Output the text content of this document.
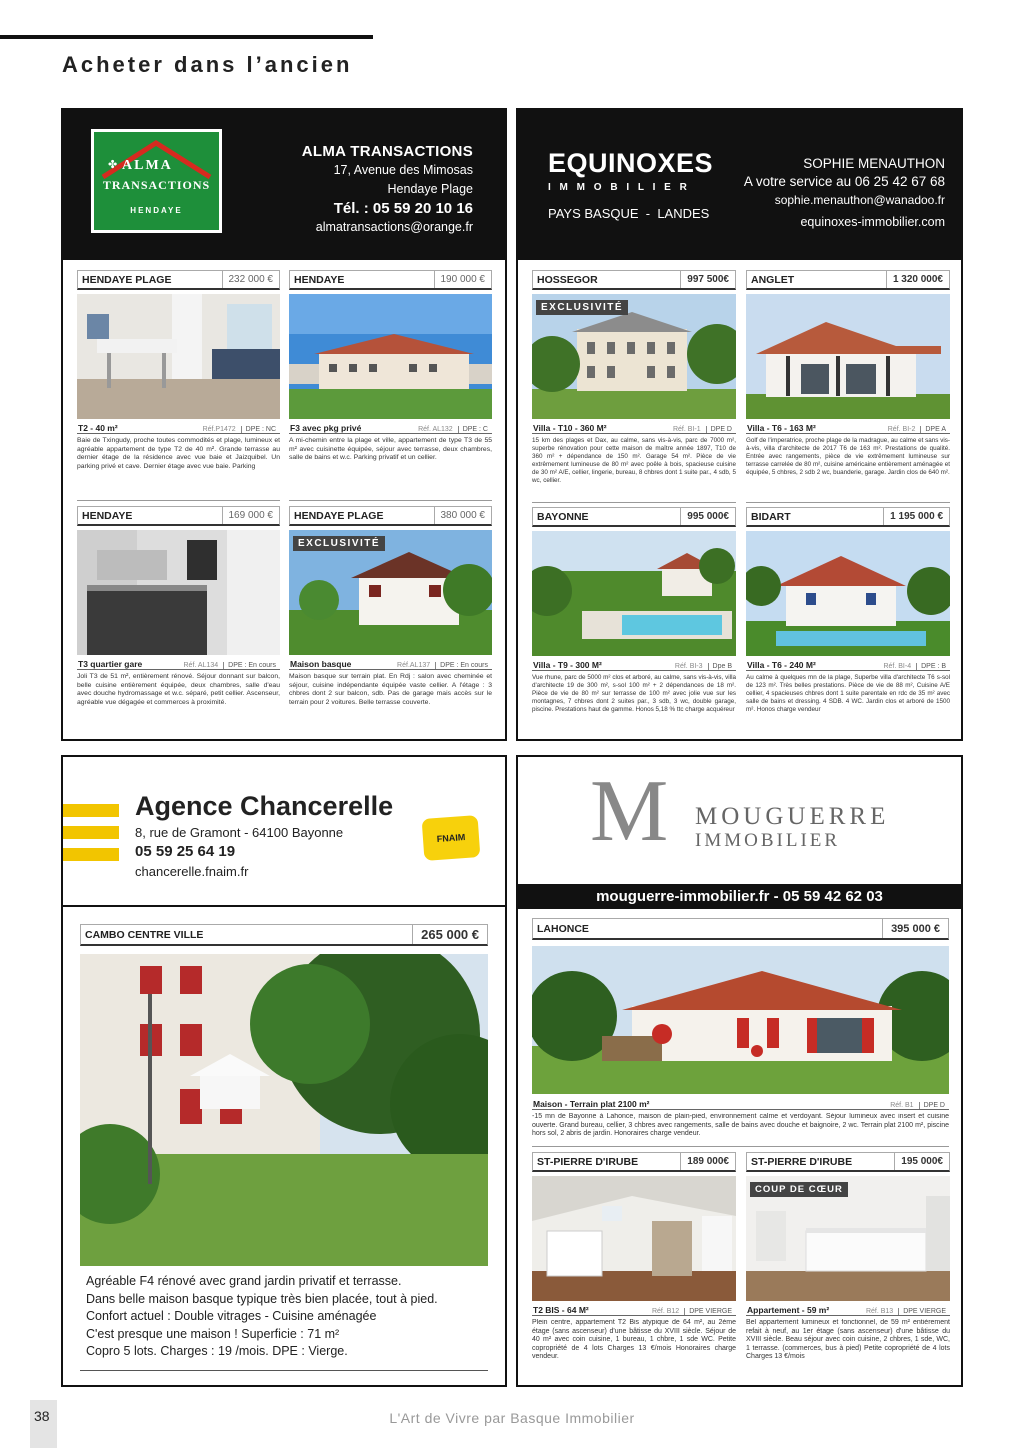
Acheter dans l’ancien
✤ ALMA
TRANSACTIONS
HENDAYE
ALMA TRANSACTIONS
17, Avenue des Mimosas
Hendaye Plage
Tél. : 05 59 20 10 16
almatransactions@orange.fr
HENDAYE PLAGE	232 000 €
T2 - 40 m²	Réf.P1472	DPE : NC
Baie de Txingudy, proche toutes commodités et plage, lumineux et agréable appartement de type T2 de 40 m². Grande terrasse au dernier étage de la résidence avec vue baie et Jaizquibel. Un parking privé et cave. Dernier étage avec vue baie. Parking
HENDAYE	190 000 €
F3 avec pkg privé	Réf. AL132	DPE : C
A mi-chemin entre la plage et ville, appartement de type T3 de 55 m² avec cuisinette équipée, séjour avec terrasse, deux chambres, salle de bains et w.c. Parking privatif et un cellier.
HENDAYE	169 000 €
T3 quartier gare	Réf. AL134	DPE : En cours
Joli T3 de 51 m², entièrement rénové. Séjour donnant sur balcon, belle cuisine entièrement équipée, deux chambres, salle d'eau avec douche hydromassage et w.c. séparé, petit cellier. Ascenseur, agréable vue dégagée et commerces à proximité.
HENDAYE PLAGE	380 000 €
EXCLUSIVITÉ
Maison basque	Réf.AL137	DPE : En cours
Maison basque sur terrain plat. En Rdj : salon avec cheminée et séjour, cuisine indépendante équipée vaste cellier. A l'étage : 3 chbres dont 2 sur balcon, sdb. Pas de garage mais accès sur le terrain pour 2 voitures. Belle terrasse couverte.
EQUINOXES
I M M O B I L I E R
PAYS BASQUE  -  LANDES
SOPHIE MENAUTHON
A votre service au 06 25 42 67 68
sophie.menauthon@wanadoo.fr
equinoxes-immobilier.com
HOSSEGOR	997 500€
EXCLUSIVITÉ
Villa - T10 - 360 M²	Réf. BI-1	DPE D
15 km des plages et Dax, au calme, sans vis-à-vis, parc de 7000 m², superbe rénovation pour cette maison de maître année 1897, T10 de 360 m² + dépendance de 150 m². Garage 54 m². Pièce de vie extrêmement lumineuse de 80 m² avec poêle à bois, spacieuse cuisine de 30 m² A/E, cellier, lingerie, bureau, 8 chbres dont 1 suite par., 4 sdb, 5 wc, cellier.
ANGLET	1 320 000€
Villa - T6 - 163 M²	Réf. BI-2	DPE A
Golf de l'imperatrice, proche plage de la madrague, au calme et sans vis-à-vis, villa d'architecte de 2017 T6 de 163 m². Prestations de qualité. Entrée avec rangements, pièce de vie extrêmement lumineuse sur terrasse carrelée de 80 m², cuisine américaine entièrement aménagée et équipée, 5 chbres, 2 sdb 2 wc, buanderie, garage. Jardin clos de 640 m².
BAYONNE	995 000€
Villa - T9 - 300 M²	Réf. BI-3	Dpe B
Vue rhune, parc de 5000 m² clos et arboré, au calme, sans vis-à-vis, villa d'architecte 19 de 300 m², s-sol 100 m² + 2 dépendances de 18 m². Pièce de vie de 80 m² sur terrasse de 100 m² avec jolie vue sur les montagnes, 7 chbres dont 2 suites par., 3 sdb, 3 wc, double garage, piscine. Prestations haut de gamme. Honos 5,18 % ttc charge acquéreur
BIDART	1 195 000 €
Villa - T6 - 240 M²	Réf. BI-4	DPE : B
Au calme à quelques mn de la plage, Superbe villa d'architecte T6 s-sol de 123 m². Très belles prestations. Pièce de vie de 88 m², Cuisine A/E cellier, 4 spacieuses chbres dont 1 suite parentale en rdc de 35 m² avec salle de bains et dressing. 4 SDB. 4 WC. Jardin clos et arboré de 1500 m². Honos charge vendeur
Agence Chancerelle
8, rue de Gramont - 64100 Bayonne
05 59 25 64 19
chancerelle.fnaim.fr
FNAIM
CAMBO CENTRE VILLE	265 000 €
Agréable F4 rénové avec grand jardin privatif et terrasse.
Dans belle maison basque typique très bien placée, tout à pied.
Confort actuel : Double vitrages - Cuisine aménagée
C'est presque une maison ! Superficie : 71 m²
Copro 5 lots. Charges : 19 /mois. DPE : Vierge.
M MOUGUERRE
IMMOBILIER
mouguerre-immobilier.fr - 05 59 42 62 03
LAHONCE	395 000 €
Maison - Terrain plat 2100 m²	Réf. B1	DPE D
-15 mn de Bayonne à Lahonce, maison de plain-pied, environnement calme et verdoyant. Séjour lumineux avec insert et cuisine ouverte. Grand bureau, cellier, 3 chbres avec rangements, salle de bains avec douche et baignoire, 2 wc. Terrain plat 2100 m², piscine hors sol, 2 abris de jardin. Honoraires charge vendeur.
ST-PIERRE D'IRUBE	189 000€
T2 BIS - 64 M²	Réf. B12	DPE VIERGE
Plein centre, appartement T2 Bis atypique de 64 m², au 2ème étage (sans ascenseur) d'une bâtisse du XVIII siècle. Séjour de 40 m² avec coin cuisine, 1 bureau, 1 chbre, 1 sde WC. Petite copropriété de 4 lots Charges 13 €/mois Honoraires charge vendeur.
ST-PIERRE D'IRUBE	195 000€
COUP DE CŒUR
Appartement - 59 m²	Réf. B13	DPE VIERGE
Bel appartement lumineux et fonctionnel, de 59 m² entièrement refait à neuf, au 1er étage (sans ascenseur) d'une bâtisse du XVIII siècle. Beau séjour avec coin cuisine, 2 chbres, 1 sde, WC, 1 terrasse. (commerces, bus à pied) Petite copropriété de 4 lots Charges 13 €/mois
38	L'Art de Vivre par Basque Immobilier
